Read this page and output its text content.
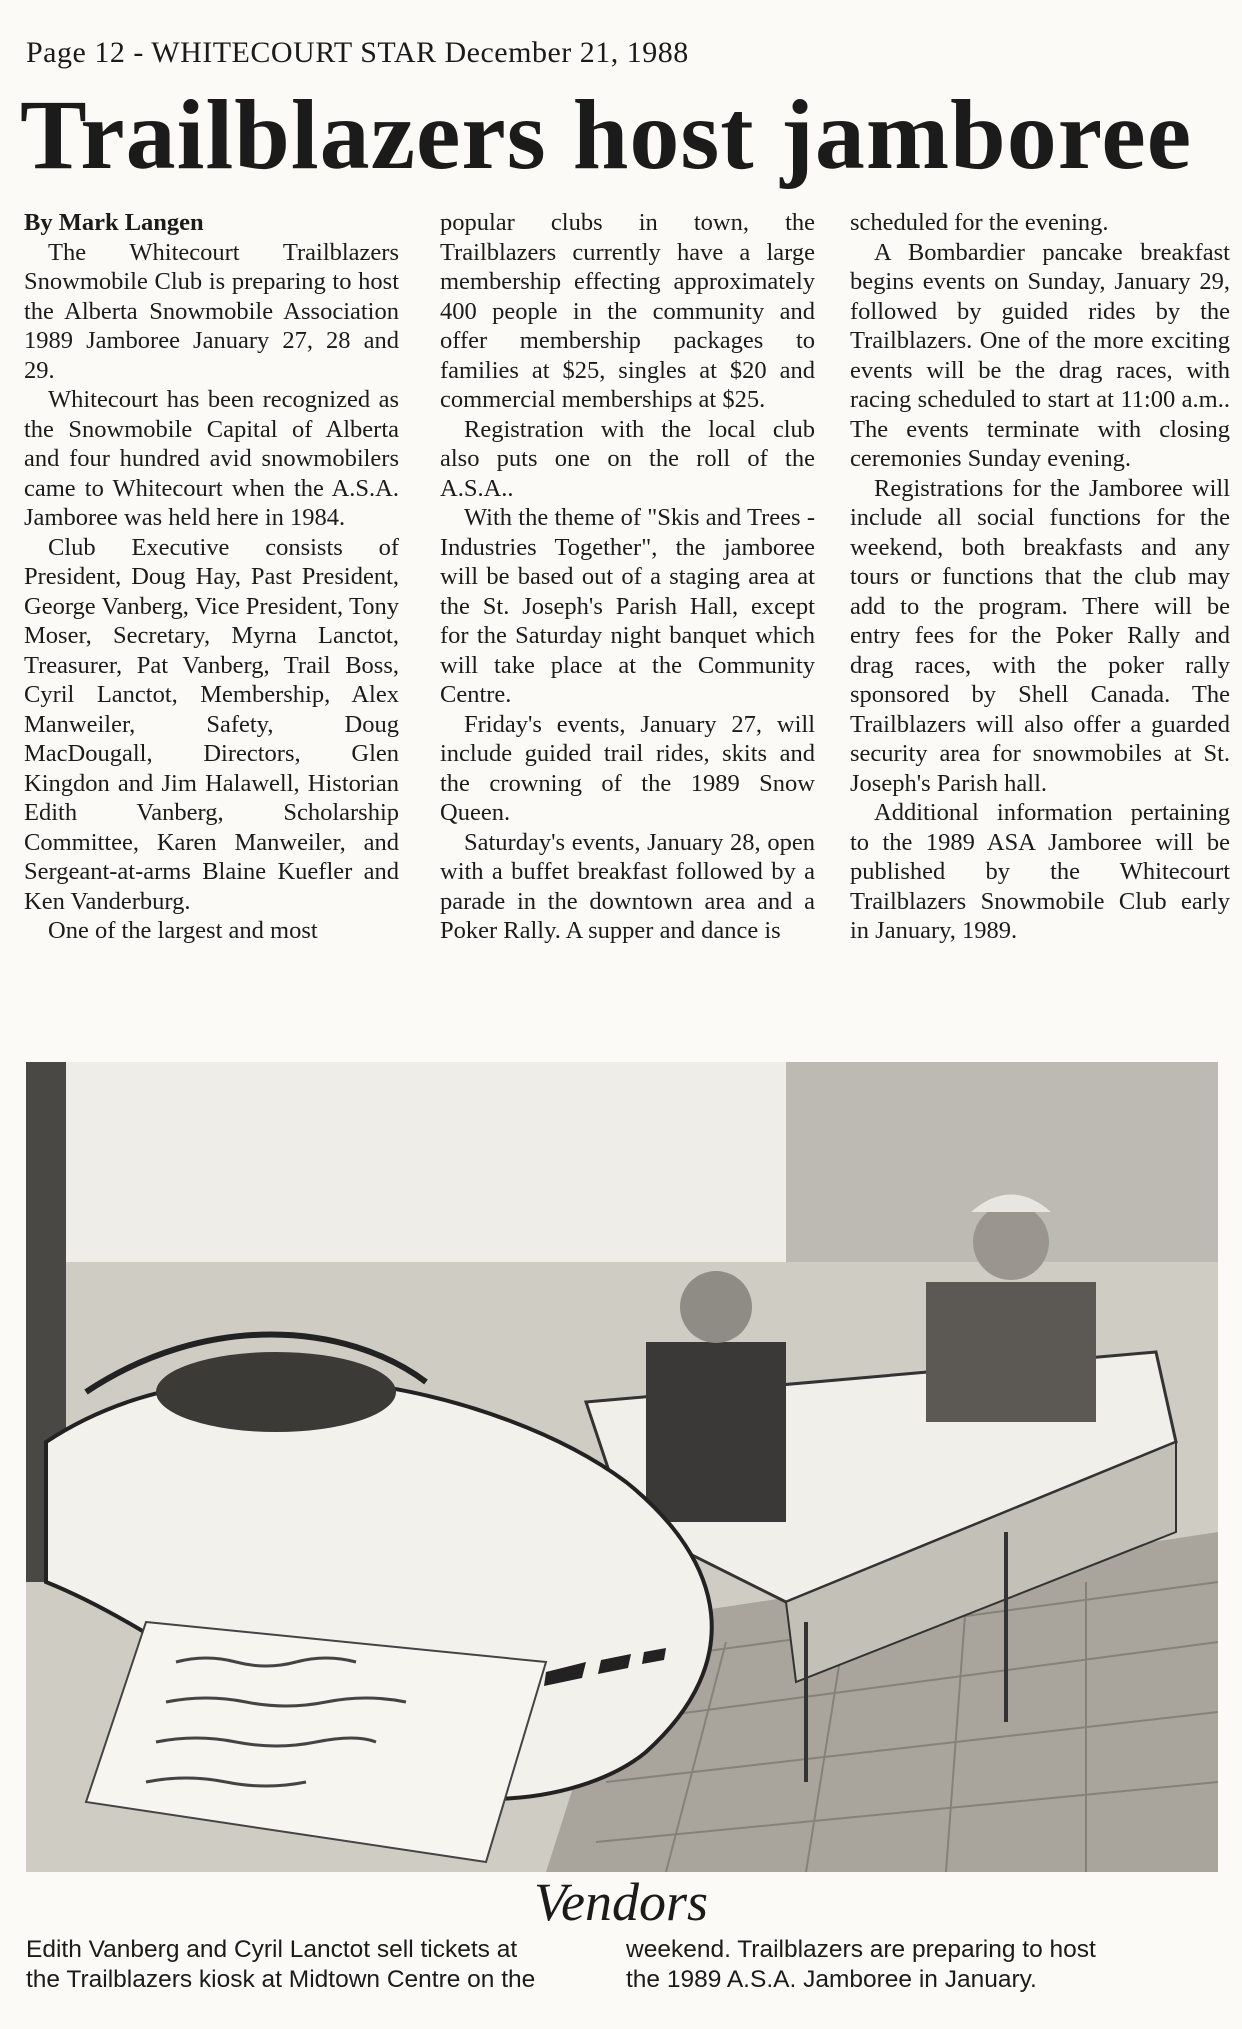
Page 12 - WHITECOURT STAR December 21, 1988
Trailblazers host jamboree
By Mark Langen

The Whitecourt Trailblazers Snowmobile Club is preparing to host the Alberta Snowmobile Association 1989 Jamboree January 27, 28 and 29.

Whitecourt has been recognized as the Snowmobile Capital of Alberta and four hundred avid snowmobilers came to Whitecourt when the A.S.A. Jamboree was held here in 1984.

Club Executive consists of President, Doug Hay, Past President, George Vanberg, Vice President, Tony Moser, Secretary, Myrna Lanctot, Treasurer, Pat Vanberg, Trail Boss, Cyril Lanctot, Membership, Alex Manweiler, Safety, Doug MacDougall, Directors, Glen Kingdon and Jim Halawell, Historian Edith Vanberg, Scholarship Committee, Karen Manweiler, and Sergeant-at-arms Blaine Kuefler and Ken Vanderburg.

One of the largest and most

popular clubs in town, the Trailblazers currently have a large membership effecting approximately 400 people in the community and offer membership packages to families at $25, singles at $20 and commercial memberships at $25.

Registration with the local club also puts one on the roll of the A.S.A..

With the theme of "Skis and Trees - Industries Together", the jamboree will be based out of a staging area at the St. Joseph's Parish Hall, except for the Saturday night banquet which will take place at the Community Centre.

Friday's events, January 27, will include guided trail rides, skits and the crowning of the 1989 Snow Queen.

Saturday's events, January 28, open with a buffet breakfast followed by a parade in the downtown area and a Poker Rally. A supper and dance is

scheduled for the evening.

A Bombardier pancake breakfast begins events on Sunday, January 29, followed by guided rides by the Trailblazers. One of the more exciting events will be the drag races, with racing scheduled to start at 11:00 a.m.. The events terminate with closing ceremonies Sunday evening.

Registrations for the Jamboree will include all social functions for the weekend, both breakfasts and any tours or functions that the club may add to the program. There will be entry fees for the Poker Rally and drag races, with the poker rally sponsored by Shell Canada. The Trailblazers will also offer a guarded security area for snowmobiles at St. Joseph's Parish hall.

Additional information pertaining to the 1989 ASA Jamboree will be published by the Whitecourt Trailblazers Snowmobile Club early in January, 1989.

Vendors

Edith Vanberg and Cyril Lanctot sell tickets at

the Trailblazers kiosk at Midtown Centre on the

weekend. Trailblazers are preparing to host

the 1989 A.S.A. Jamboree in January.
